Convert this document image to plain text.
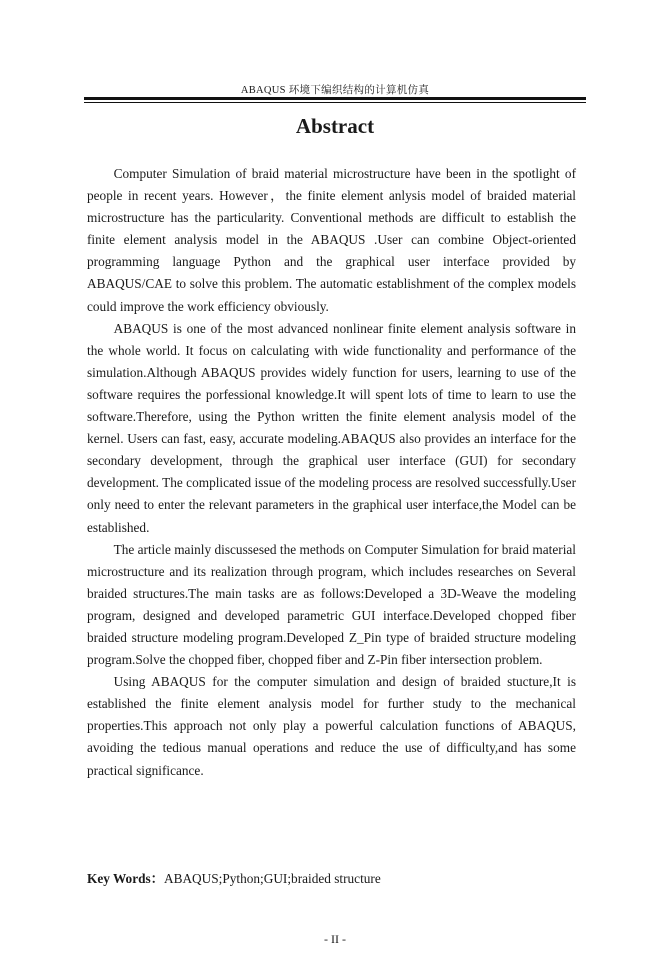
ABAQUS 环境下编织结构的计算机仿真
Abstract

Computer Simulation of braid material microstructure have been in the spotlight of people in recent years. However，the finite element anlysis model of braided material microstructure has the particularity. Conventional methods are difficult to establish the finite element analysis model in the ABAQUS .User can combine Object-oriented programming language Python and the graphical user interface provided by ABAQUS/CAE to solve this problem. The automatic establishment of the complex models could improve the work efficiency obviously.

ABAQUS is one of the most advanced nonlinear finite element analysis software in the whole world. It focus on calculating with wide functionality and performance of the simulation.Although ABAQUS provides widely function for users, learning to use of the software requires the porfessional knowledge.It will spent lots of time to learn to use the software.Therefore, using the Python written the finite element analysis model of the kernel. Users can fast, easy, accurate modeling.ABAQUS also provides an interface for the secondary development, through the graphical user interface (GUI) for secondary development. The complicated issue of the modeling process are resolved successfully.User only need to enter the relevant parameters in the graphical user interface,the Model can be established.

The article mainly discussesed the methods on Computer Simulation for braid material microstructure and its realization through program, which includes researches on Several braided structures.The main tasks are as follows:Developed a 3D-Weave the modeling program, designed and developed parametric GUI interface.Developed chopped fiber braided structure modeling program.Developed Z_Pin type of braided structure modeling program.Solve the chopped fiber, chopped fiber and Z-Pin fiber intersection problem.

Using ABAQUS for the computer simulation and design of braided stucture,It is established the finite element analysis model for further study to the mechanical properties.This approach not only play a powerful calculation functions of ABAQUS, avoiding the tedious manual operations and reduce the use of difficulty,and has some practical significance.

Key Words：ABAQUS;Python;GUI;braided structure
- II -
